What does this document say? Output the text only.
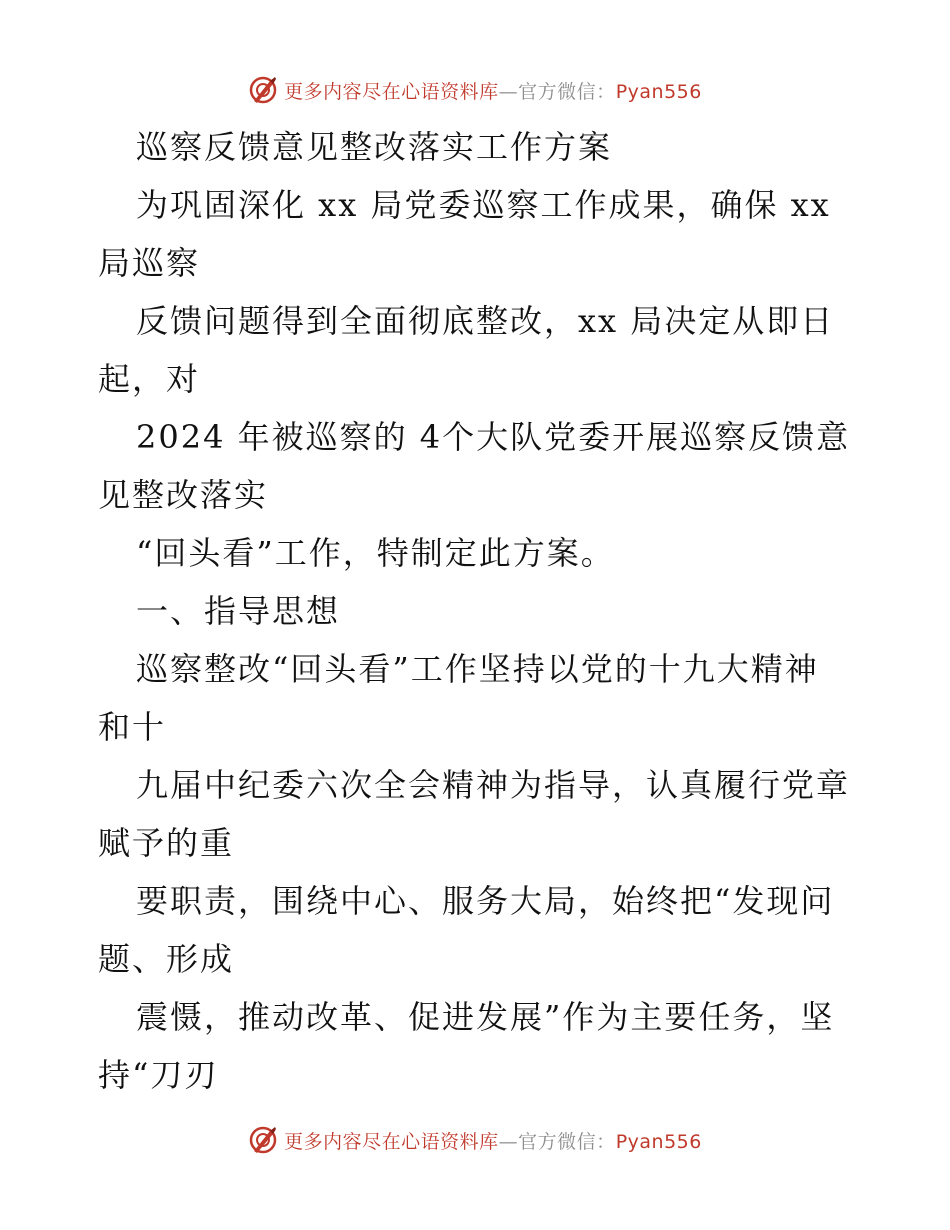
更多内容尽在心语资料库—官方微信：Pyan556
巡察反馈意见整改落实工作方案
为巩固深化 xx 局党委巡察工作成果，确保 xx
局巡察
反馈问题得到全面彻底整改，xx 局决定从即日
起，对
2024 年被巡察的 4个大队党委开展巡察反馈意
见整改落实
“回头看”工作，特制定此方案。
一、指导思想
巡察整改“回头看”工作坚持以党的十九大精神
和十
九届中纪委六次全会精神为指导，认真履行党章
赋予的重
要职责，围绕中心、服务大局，始终把“发现问
题、形成
震慑，推动改革、促进发展”作为主要任务，坚
持“刀刃
更多内容尽在心语资料库—官方微信：Pyan556
